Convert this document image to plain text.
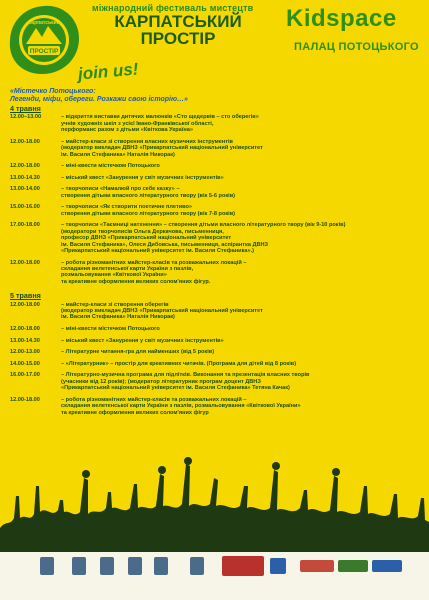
ПРОСТІР
Карпатський
міжнародний фестиваль мистецтв
КАРПАТСЬКИЙ
ПРОСТІР
join us!
Kidspace
ПАЛАЦ ПОТОЦЬКОГО
«Містечко Потоцького:
Легенди, міфи, обереги. Розкажи свою історію…»
4 травня
12.00–13.00	– відкриття виставки дитячих малюнків «Сто щедервів – сто оберегів»
учнів художніх шкіл з усієї Івано-Франківської області,
перформанс разом з дітьми «Квіткова Україна»
12.00-18.00	– майстер-класи зі створення власних музичних інструментів
(модератор викладач ДВНЗ «Прикарпатський національний університет
ім. Василя Стефаника» Наталія Никорак)
12.00-18.00	– міні-квести містечком Потоцького
13.00-14.30	– міський квест «Занурення у світ музичних інструментів»
13.00-14.00	– творчописи «Намалюй про себе казку» –
створення дітьми власного літературного твору (вік 5-6 років)
15.00-16.00	– творчописи «Як створити поетичне плетиво»
створення дітьми власного літературного твору (вік 7-8 років)
17.00-18.00	– творчописи «Таємниці натхнення» – створення дітьми власного літературного твору (вік 9-10 років)
(модератори творчописів Ольга Деркачова, письменниця,
професор ДВНЗ «Прикарпатський національний університет
ім. Василя Стефаника», Олеся Дибовська, письменниця, аспірантка ДВНЗ
«Прикарпатський національний університет ім. Василя Стефаника».)
12.00-18.00	– робота різноманітних майстер-класів та розважальних локацій –
складання велетенської карти України з пазлів,
розмальовування «Квіткової України»
та креативне оформлення великих солом'яних фігур.
5 травня
12.00-18.00	– майстер-класи зі створення оберегів
(модератор викладач ДВНЗ «Прикарпатський національний університет
ім. Василя Стефаника» Наталія Никорак)
12.00-18.00	– міні-квести містечком Потоцького
13.00-14.30	– міський квест «Занурення у світ музичних інструментів»
12.00-13.00	– Літературне читання-гра для найменших (від 5 років)
14.00-15.00	– «Літературник» – простір для креативних читачів. (Програма для дітей від 8 років)
16.00-17.00	– Літературно-музична програма для підлітків. Виконання та презентація власних творів
(учасники від 12 років); (модератор літературник програм доцент ДВНЗ
«Прикарпатський національний університет ім. Василя Стефаника» Тетяна Качак)
12.00-18.00	– робота різноманітних майстер-класів та розважальних локацій –
складання велетенської карти України з пазлів, розмальовування «Квіткової України»
та креативне оформлення великих солом'яних фігур
